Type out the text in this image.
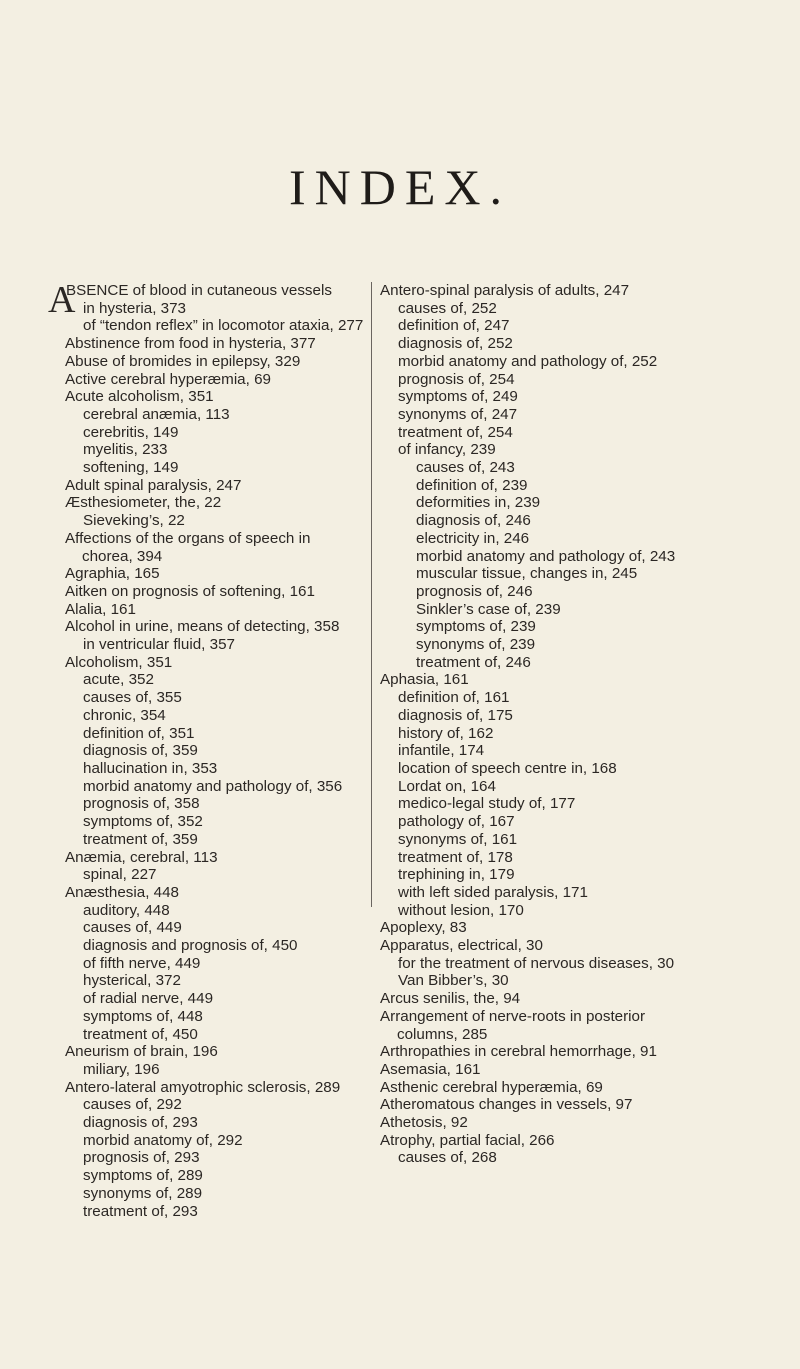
INDEX.
A
BSENCE of blood in cutaneous vessels
in hysteria, 373
of “tendon reflex” in locomotor ataxia, 277
Abstinence from food in hysteria, 377
Abuse of bromides in epilepsy, 329
Active cerebral hyperæmia, 69
Acute alcoholism, 351
cerebral anæmia, 113
cerebritis, 149
myelitis, 233
softening, 149
Adult spinal paralysis, 247
Æsthesiometer, the, 22
Sieveking’s, 22
Affections of the organs of speech in chorea, 394
Agraphia, 165
Aitken on prognosis of softening, 161
Alalia, 161
Alcohol in urine, means of detecting, 358
in ventricular fluid, 357
Alcoholism, 351
acute, 352
causes of, 355
chronic, 354
definition of, 351
diagnosis of, 359
hallucination in, 353
morbid anatomy and pathology of, 356
prognosis of, 358
symptoms of, 352
treatment of, 359
Anæmia, cerebral, 113
spinal, 227
Anæsthesia, 448
auditory, 448
causes of, 449
diagnosis and prognosis of, 450
of fifth nerve, 449
hysterical, 372
of radial nerve, 449
symptoms of, 448
treatment of, 450
Aneurism of brain, 196
miliary, 196
Antero-lateral amyotrophic sclerosis, 289
causes of, 292
diagnosis of, 293
morbid anatomy of, 292
prognosis of, 293
symptoms of, 289
synonyms of, 289
treatment of, 293
Antero-spinal paralysis of adults, 247
causes of, 252
definition of, 247
diagnosis of, 252
morbid anatomy and pathology of, 252
prognosis of, 254
symptoms of, 249
synonyms of, 247
treatment of, 254
of infancy, 239
causes of, 243
definition of, 239
deformities in, 239
diagnosis of, 246
electricity in, 246
morbid anatomy and pathology of, 243
muscular tissue, changes in, 245
prognosis of, 246
Sinkler’s case of, 239
symptoms of, 239
synonyms of, 239
treatment of, 246
Aphasia, 161
definition of, 161
diagnosis of, 175
history of, 162
infantile, 174
location of speech centre in, 168
Lordat on, 164
medico-legal study of, 177
pathology of, 167
synonyms of, 161
treatment of, 178
trephining in, 179
with left sided paralysis, 171
without lesion, 170
Apoplexy, 83
Apparatus, electrical, 30
for the treatment of nervous diseases, 30
Van Bibber’s, 30
Arcus senilis, the, 94
Arrangement of nerve-roots in posterior columns, 285
Arthropathies in cerebral hemorrhage, 91
Asemasia, 161
Asthenic cerebral hyperæmia, 69
Atheromatous changes in vessels, 97
Athetosis, 92
Atrophy, partial facial, 266
causes of, 268
